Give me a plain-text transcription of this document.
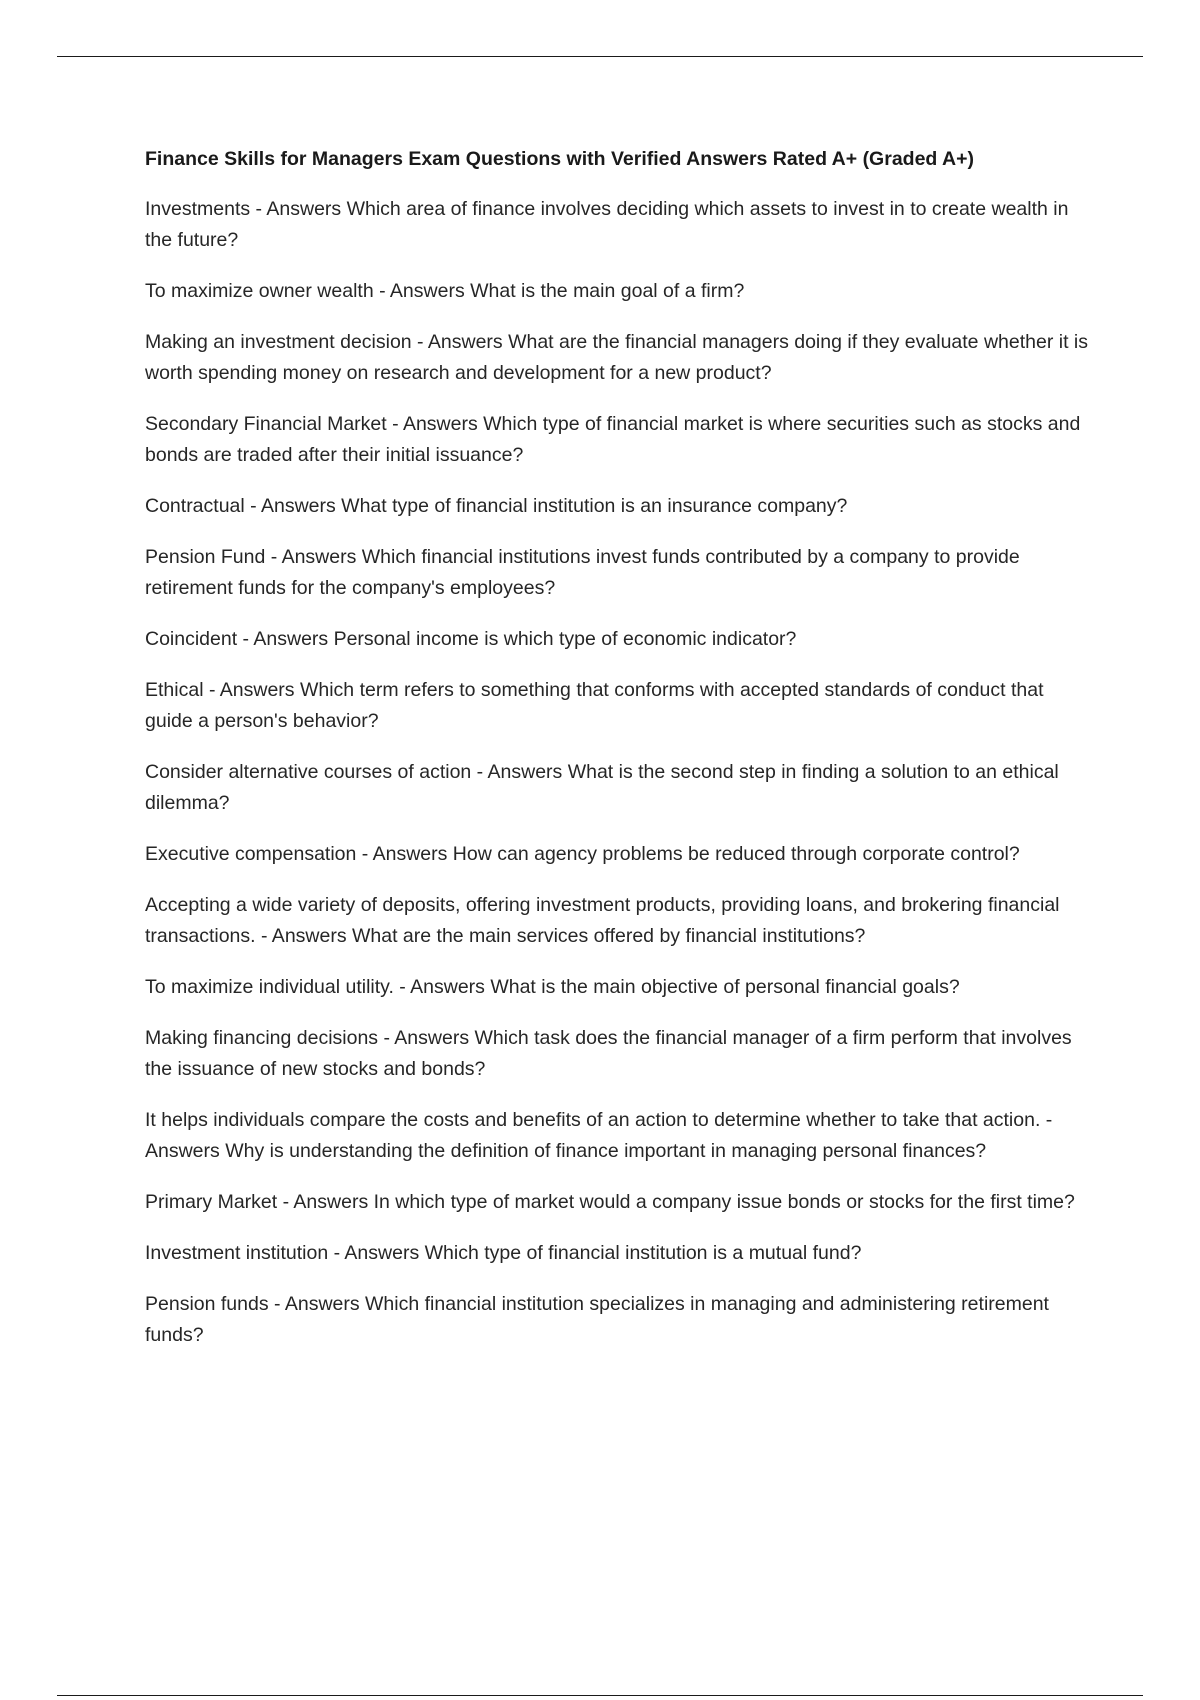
Finance Skills for Managers Exam Questions with Verified Answers Rated A+ (Graded A+)

Investments - Answers Which area of finance involves deciding which assets to invest in to create wealth in the future?
To maximize owner wealth - Answers What is the main goal of a firm?
Making an investment decision - Answers What are the financial managers doing if they evaluate whether it is worth spending money on research and development for a new product?
Secondary Financial Market - Answers Which type of financial market is where securities such as stocks and bonds are traded after their initial issuance?
Contractual - Answers What type of financial institution is an insurance company?
Pension Fund - Answers Which financial institutions invest funds contributed by a company to provide retirement funds for the company's employees?
Coincident - Answers Personal income is which type of economic indicator?
Ethical - Answers Which term refers to something that conforms with accepted standards of conduct that guide a person's behavior?
Consider alternative courses of action - Answers What is the second step in finding a solution to an ethical dilemma?
Executive compensation - Answers How can agency problems be reduced through corporate control?
Accepting a wide variety of deposits, offering investment products, providing loans, and brokering financial transactions. - Answers What are the main services offered by financial institutions?
To maximize individual utility. - Answers What is the main objective of personal financial goals?
Making financing decisions - Answers Which task does the financial manager of a firm perform that involves the issuance of new stocks and bonds?
It helps individuals compare the costs and benefits of an action to determine whether to take that action. - Answers Why is understanding the definition of finance important in managing personal finances?
Primary Market - Answers In which type of market would a company issue bonds or stocks for the first time?
Investment institution - Answers Which type of financial institution is a mutual fund?
Pension funds - Answers Which financial institution specializes in managing and administering retirement funds?
